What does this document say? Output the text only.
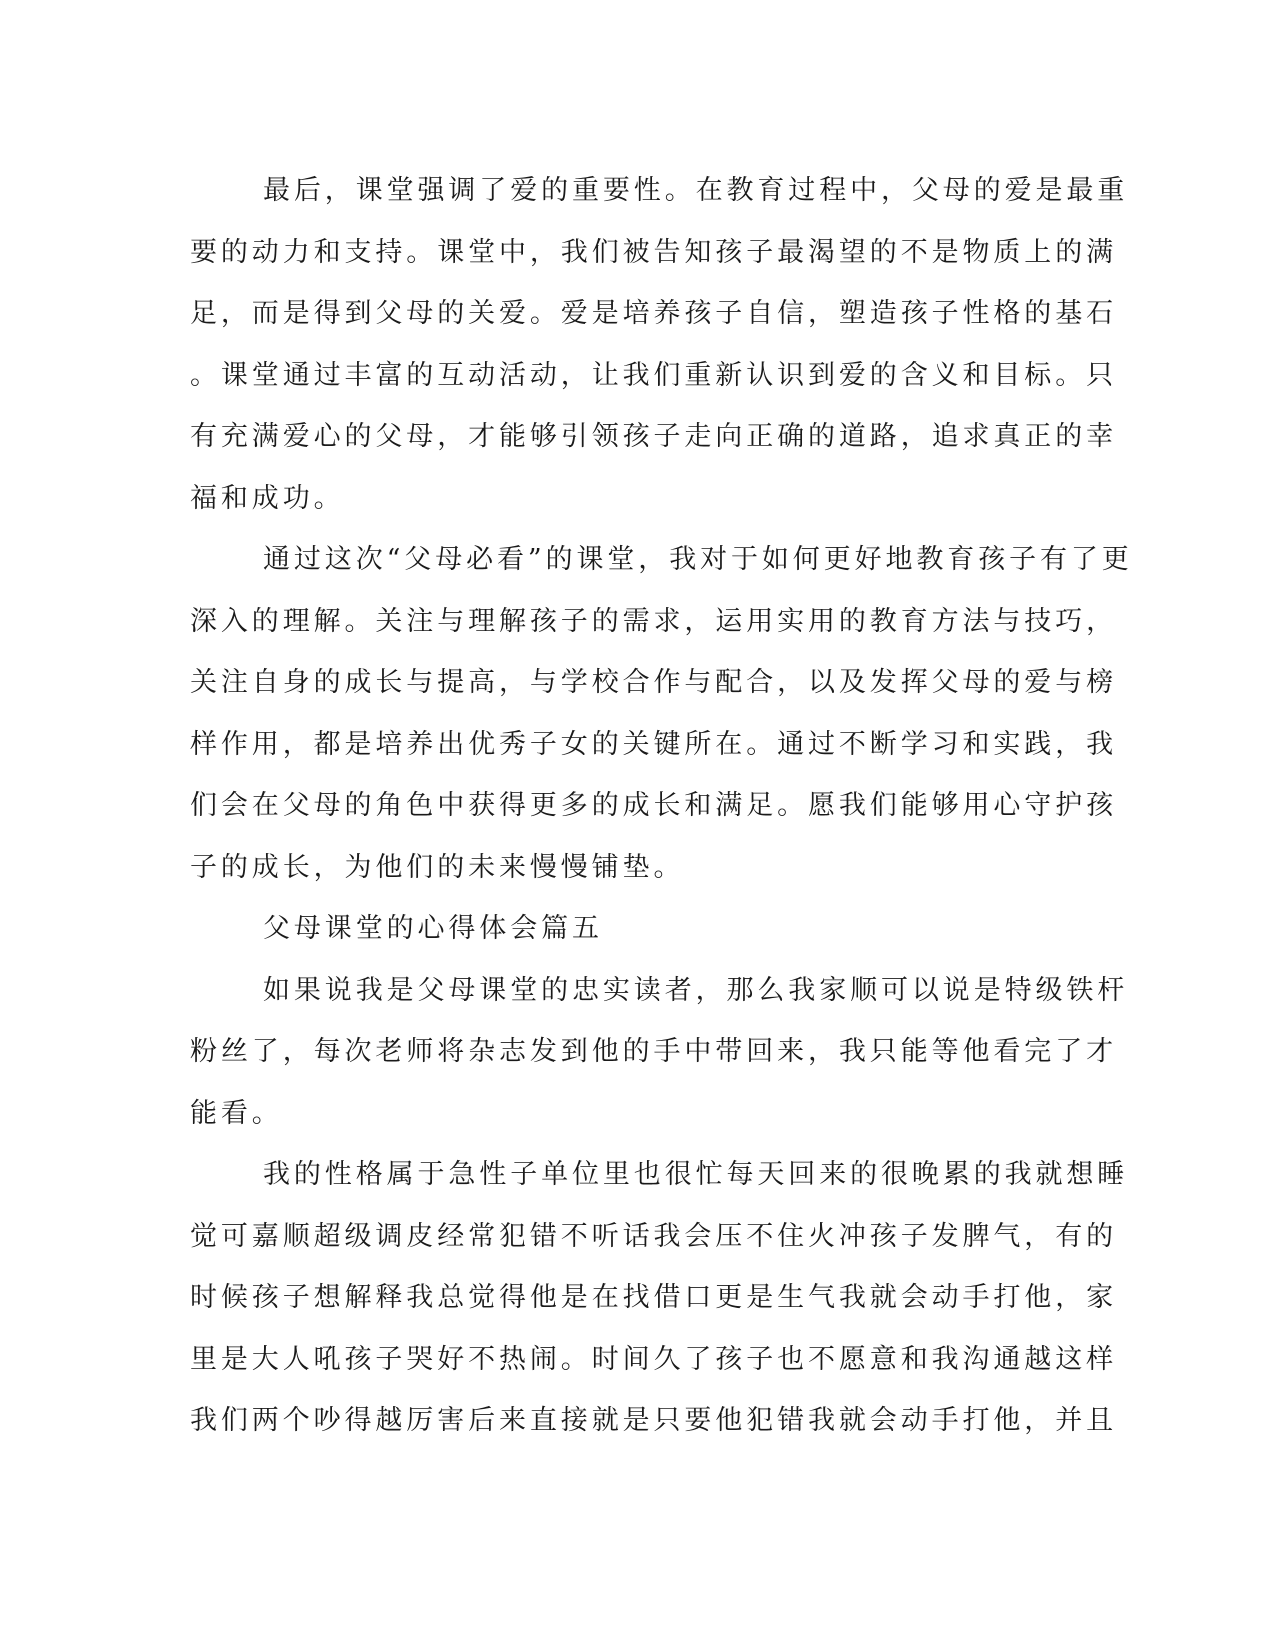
最后，课堂强调了爱的重要性。在教育过程中，父母的爱是最重
要的动力和支持。课堂中，我们被告知孩子最渴望的不是物质上的满
足，而是得到父母的关爱。爱是培养孩子自信，塑造孩子性格的基石
。课堂通过丰富的互动活动，让我们重新认识到爱的含义和目标。只
有充满爱心的父母，才能够引领孩子走向正确的道路，追求真正的幸
福和成功。
通过这次“父母必看”的课堂，我对于如何更好地教育孩子有了更
深入的理解。关注与理解孩子的需求，运用实用的教育方法与技巧，
关注自身的成长与提高，与学校合作与配合，以及发挥父母的爱与榜
样作用，都是培养出优秀子女的关键所在。通过不断学习和实践，我
们会在父母的角色中获得更多的成长和满足。愿我们能够用心守护孩
子的成长，为他们的未来慢慢铺垫。
父母课堂的心得体会篇五
如果说我是父母课堂的忠实读者，那么我家顺可以说是特级铁杆
粉丝了，每次老师将杂志发到他的手中带回来，我只能等他看完了才
能看。
我的性格属于急性子单位里也很忙每天回来的很晚累的我就想睡
觉可嘉顺超级调皮经常犯错不听话我会压不住火冲孩子发脾气，有的
时候孩子想解释我总觉得他是在找借口更是生气我就会动手打他，家
里是大人吼孩子哭好不热闹。时间久了孩子也不愿意和我沟通越这样
我们两个吵得越厉害后来直接就是只要他犯错我就会动手打他，并且
